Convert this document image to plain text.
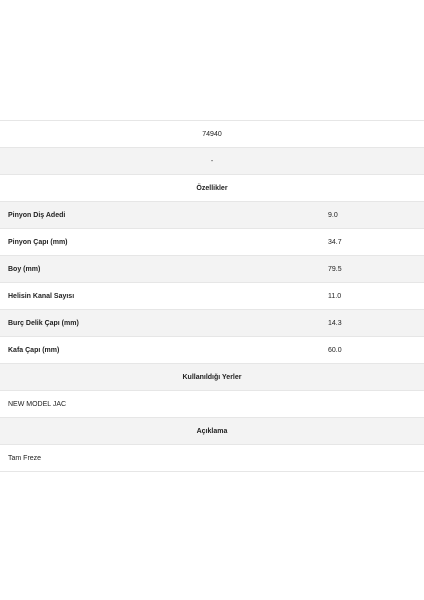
74940
-
Özellikler
Pinyon Diş Adedi	9.0
Pinyon Çapı (mm)	34.7
Boy (mm)	79.5
Helisin Kanal Sayısı	11.0
Burç Delik Çapı (mm)	14.3
Kafa Çapı (mm)	60.0
Kullanıldığı Yerler
NEW MODEL JAC
Açıklama
Tam Freze
